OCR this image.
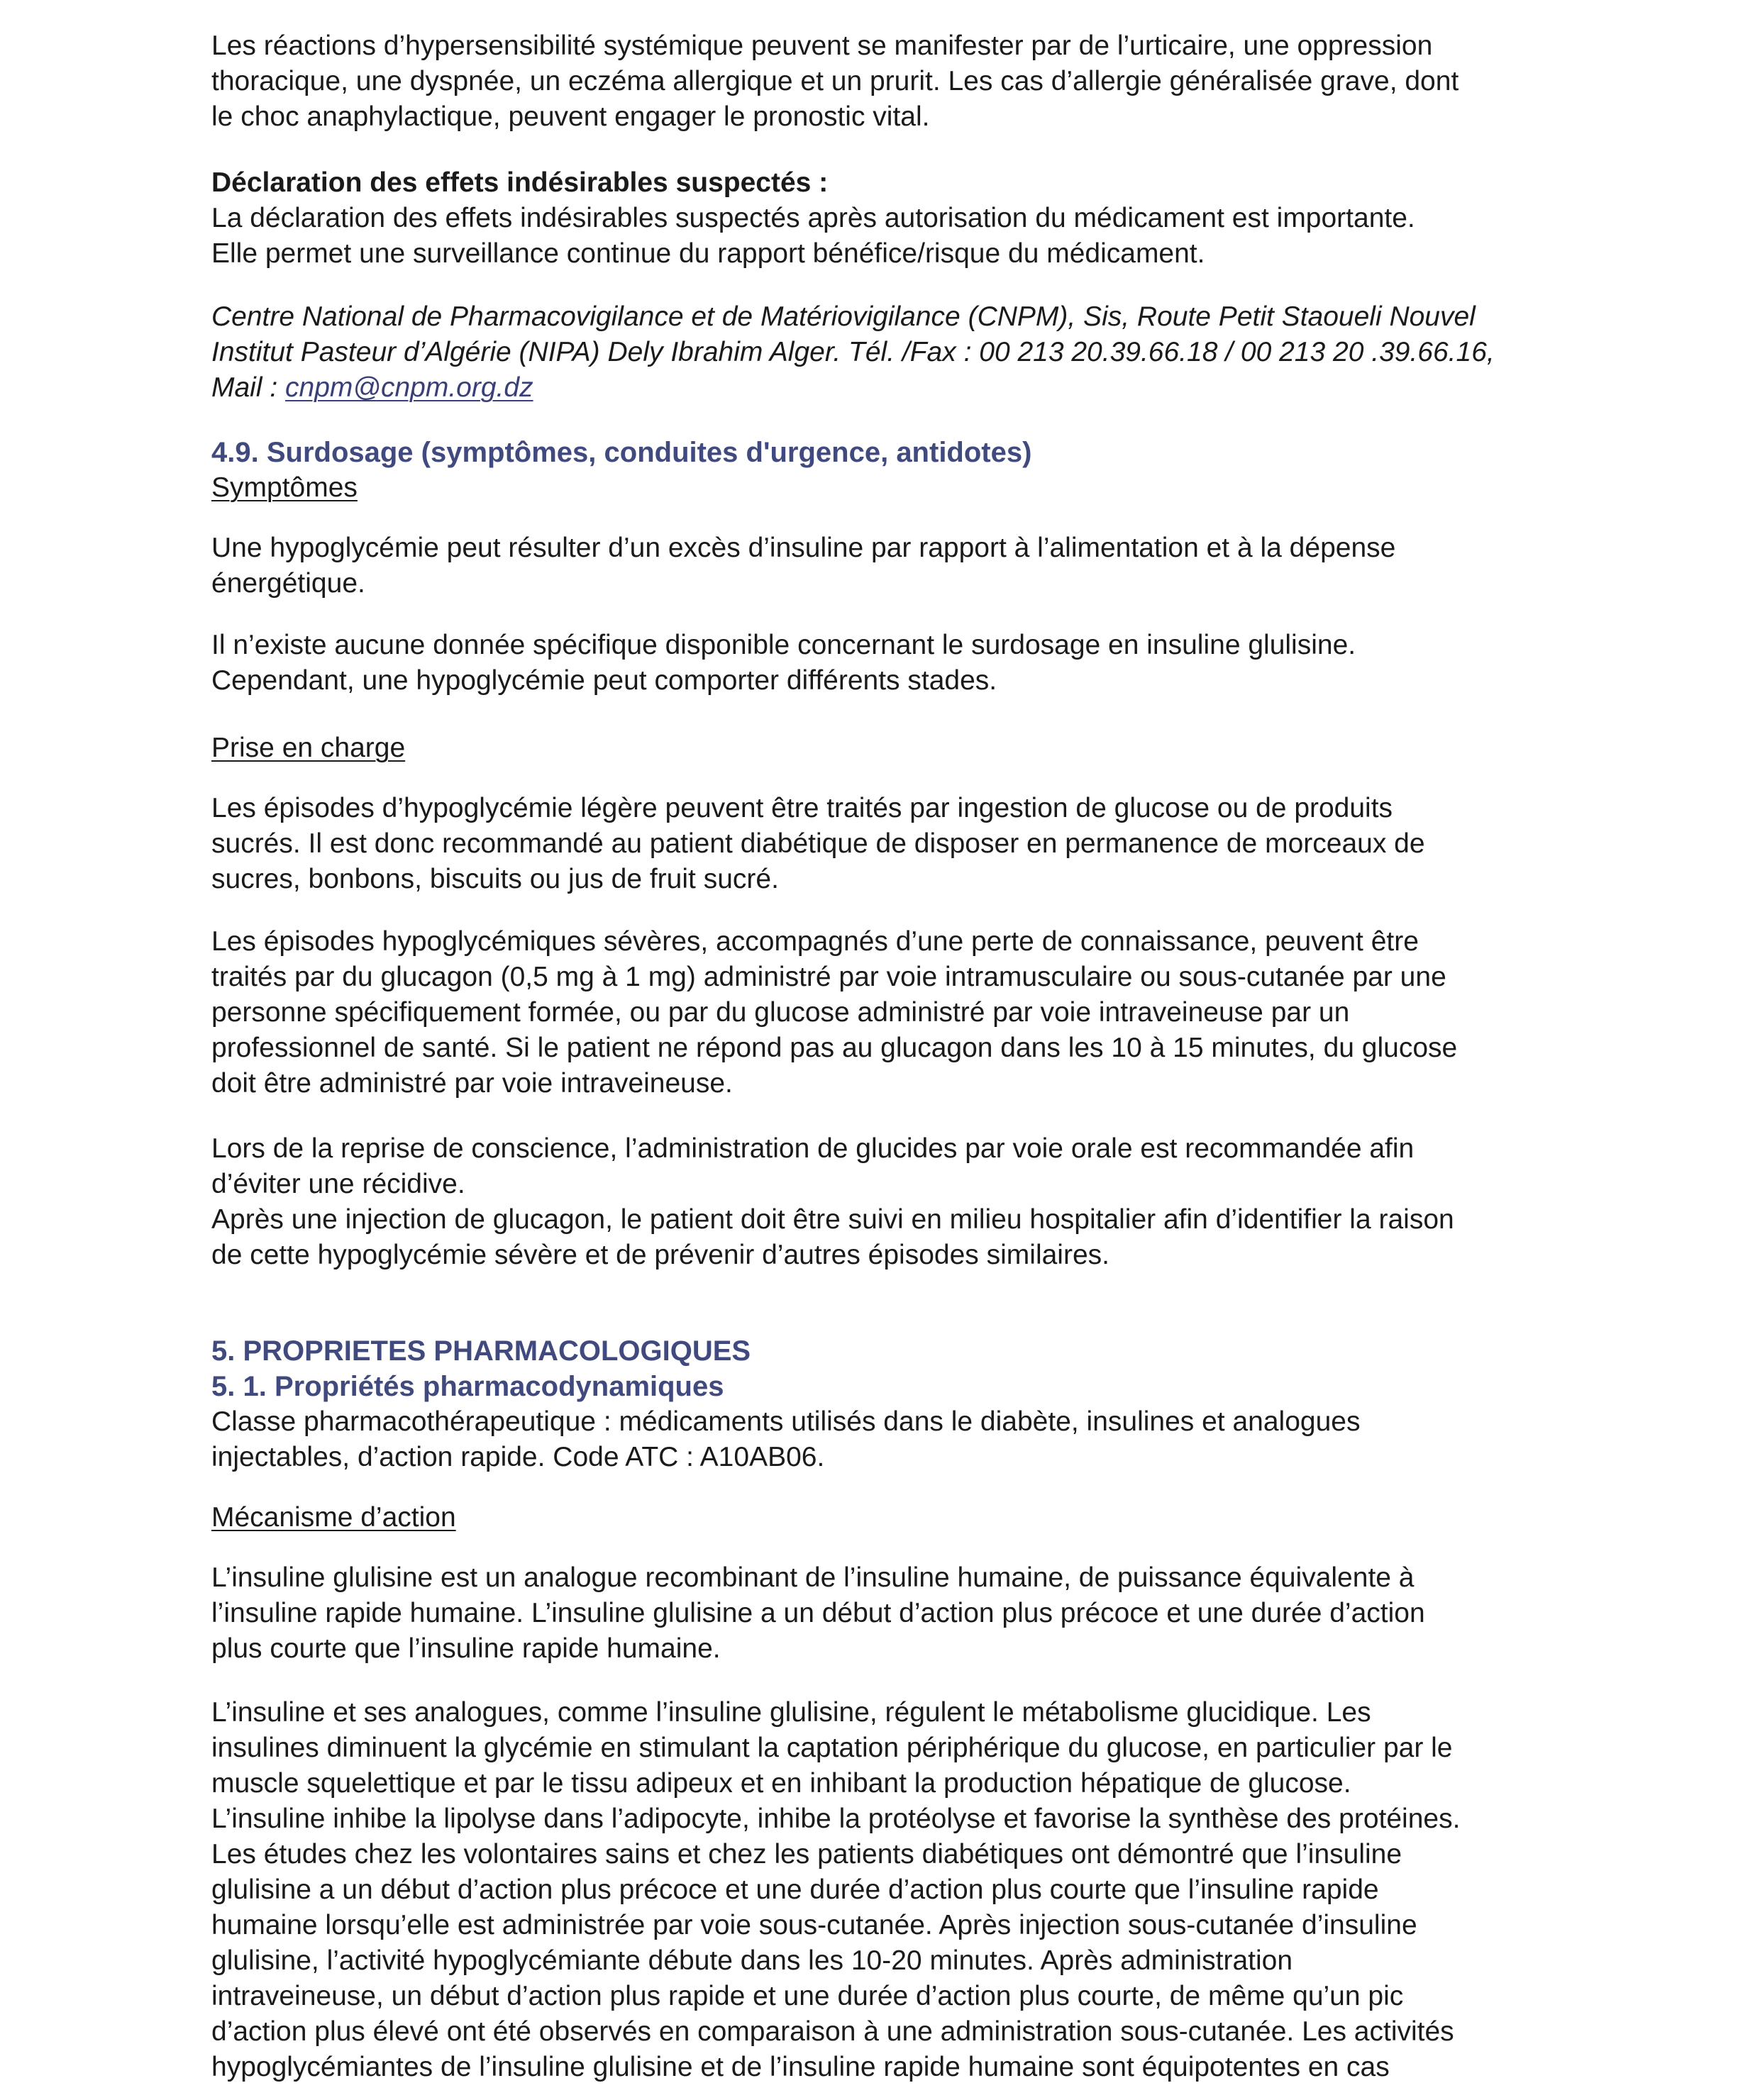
Les réactions d’hypersensibilité systémique peuvent se manifester par de l’urticaire, une oppression
thoracique, une dyspnée, un eczéma allergique et un prurit. Les cas d’allergie généralisée grave, dont
le choc anaphylactique, peuvent engager le pronostic vital.

Déclaration des effets indésirables suspectés :

La déclaration des effets indésirables suspectés après autorisation du médicament est importante.
Elle permet une surveillance continue du rapport bénéfice/risque du médicament.

Centre National de Pharmacovigilance et de Matériovigilance (CNPM), Sis, Route Petit Staoueli Nouvel
Institut Pasteur d’Algérie (NIPA) Dely Ibrahim Alger. Tél. /Fax : 00 213 20.39.66.18 / 00 213 20 .39.66.16,
Mail : cnpm@cnpm.org.dz

4.9. Surdosage (symptômes, conduites d'urgence, antidotes)

Symptômes

Une hypoglycémie peut résulter d’un excès d’insuline par rapport à l’alimentation et à la dépense
énergétique.

Il n’existe aucune donnée spécifique disponible concernant le surdosage en insuline glulisine.
Cependant, une hypoglycémie peut comporter différents stades.

Prise en charge

Les épisodes d’hypoglycémie légère peuvent être traités par ingestion de glucose ou de produits
sucrés. Il est donc recommandé au patient diabétique de disposer en permanence de morceaux de
sucres, bonbons, biscuits ou jus de fruit sucré.

Les épisodes hypoglycémiques sévères, accompagnés d’une perte de connaissance, peuvent être
traités par du glucagon (0,5 mg à 1 mg) administré par voie intramusculaire ou sous-cutanée par une
personne spécifiquement formée, ou par du glucose administré par voie intraveineuse par un
professionnel de santé. Si le patient ne répond pas au glucagon dans les 10 à 15 minutes, du glucose
doit être administré par voie intraveineuse.

Lors de la reprise de conscience, l’administration de glucides par voie orale est recommandée afin
d’éviter une récidive.
Après une injection de glucagon, le patient doit être suivi en milieu hospitalier afin d’identifier la raison
de cette hypoglycémie sévère et de prévenir d’autres épisodes similaires.

5. PROPRIETES PHARMACOLOGIQUES

5. 1. Propriétés pharmacodynamiques

Classe pharmacothérapeutique : médicaments utilisés dans le diabète, insulines et analogues
injectables, d’action rapide. Code ATC : A10AB06.

Mécanisme d’action

L’insuline glulisine est un analogue recombinant de l’insuline humaine, de puissance équivalente à
l’insuline rapide humaine. L’insuline glulisine a un début d’action plus précoce et une durée d’action
plus courte que l’insuline rapide humaine.

L’insuline et ses analogues, comme l’insuline glulisine, régulent le métabolisme glucidique. Les
insulines diminuent la glycémie en stimulant la captation périphérique du glucose, en particulier par le
muscle squelettique et par le tissu adipeux et en inhibant la production hépatique de glucose.
L’insuline inhibe la lipolyse dans l’adipocyte, inhibe la protéolyse et favorise la synthèse des protéines.
Les études chez les volontaires sains et chez les patients diabétiques ont démontré que l’insuline
glulisine a un début d’action plus précoce et une durée d’action plus courte que l’insuline rapide
humaine lorsqu’elle est administrée par voie sous-cutanée. Après injection sous-cutanée d’insuline
glulisine, l’activité hypoglycémiante débute dans les 10-20 minutes. Après administration
intraveineuse, un début d’action plus rapide et une durée d’action plus courte, de même qu’un pic
d’action plus élevé ont été observés en comparaison à une administration sous-cutanée. Les activités
hypoglycémiantes de l’insuline glulisine et de l’insuline rapide humaine sont équipotentes en cas
